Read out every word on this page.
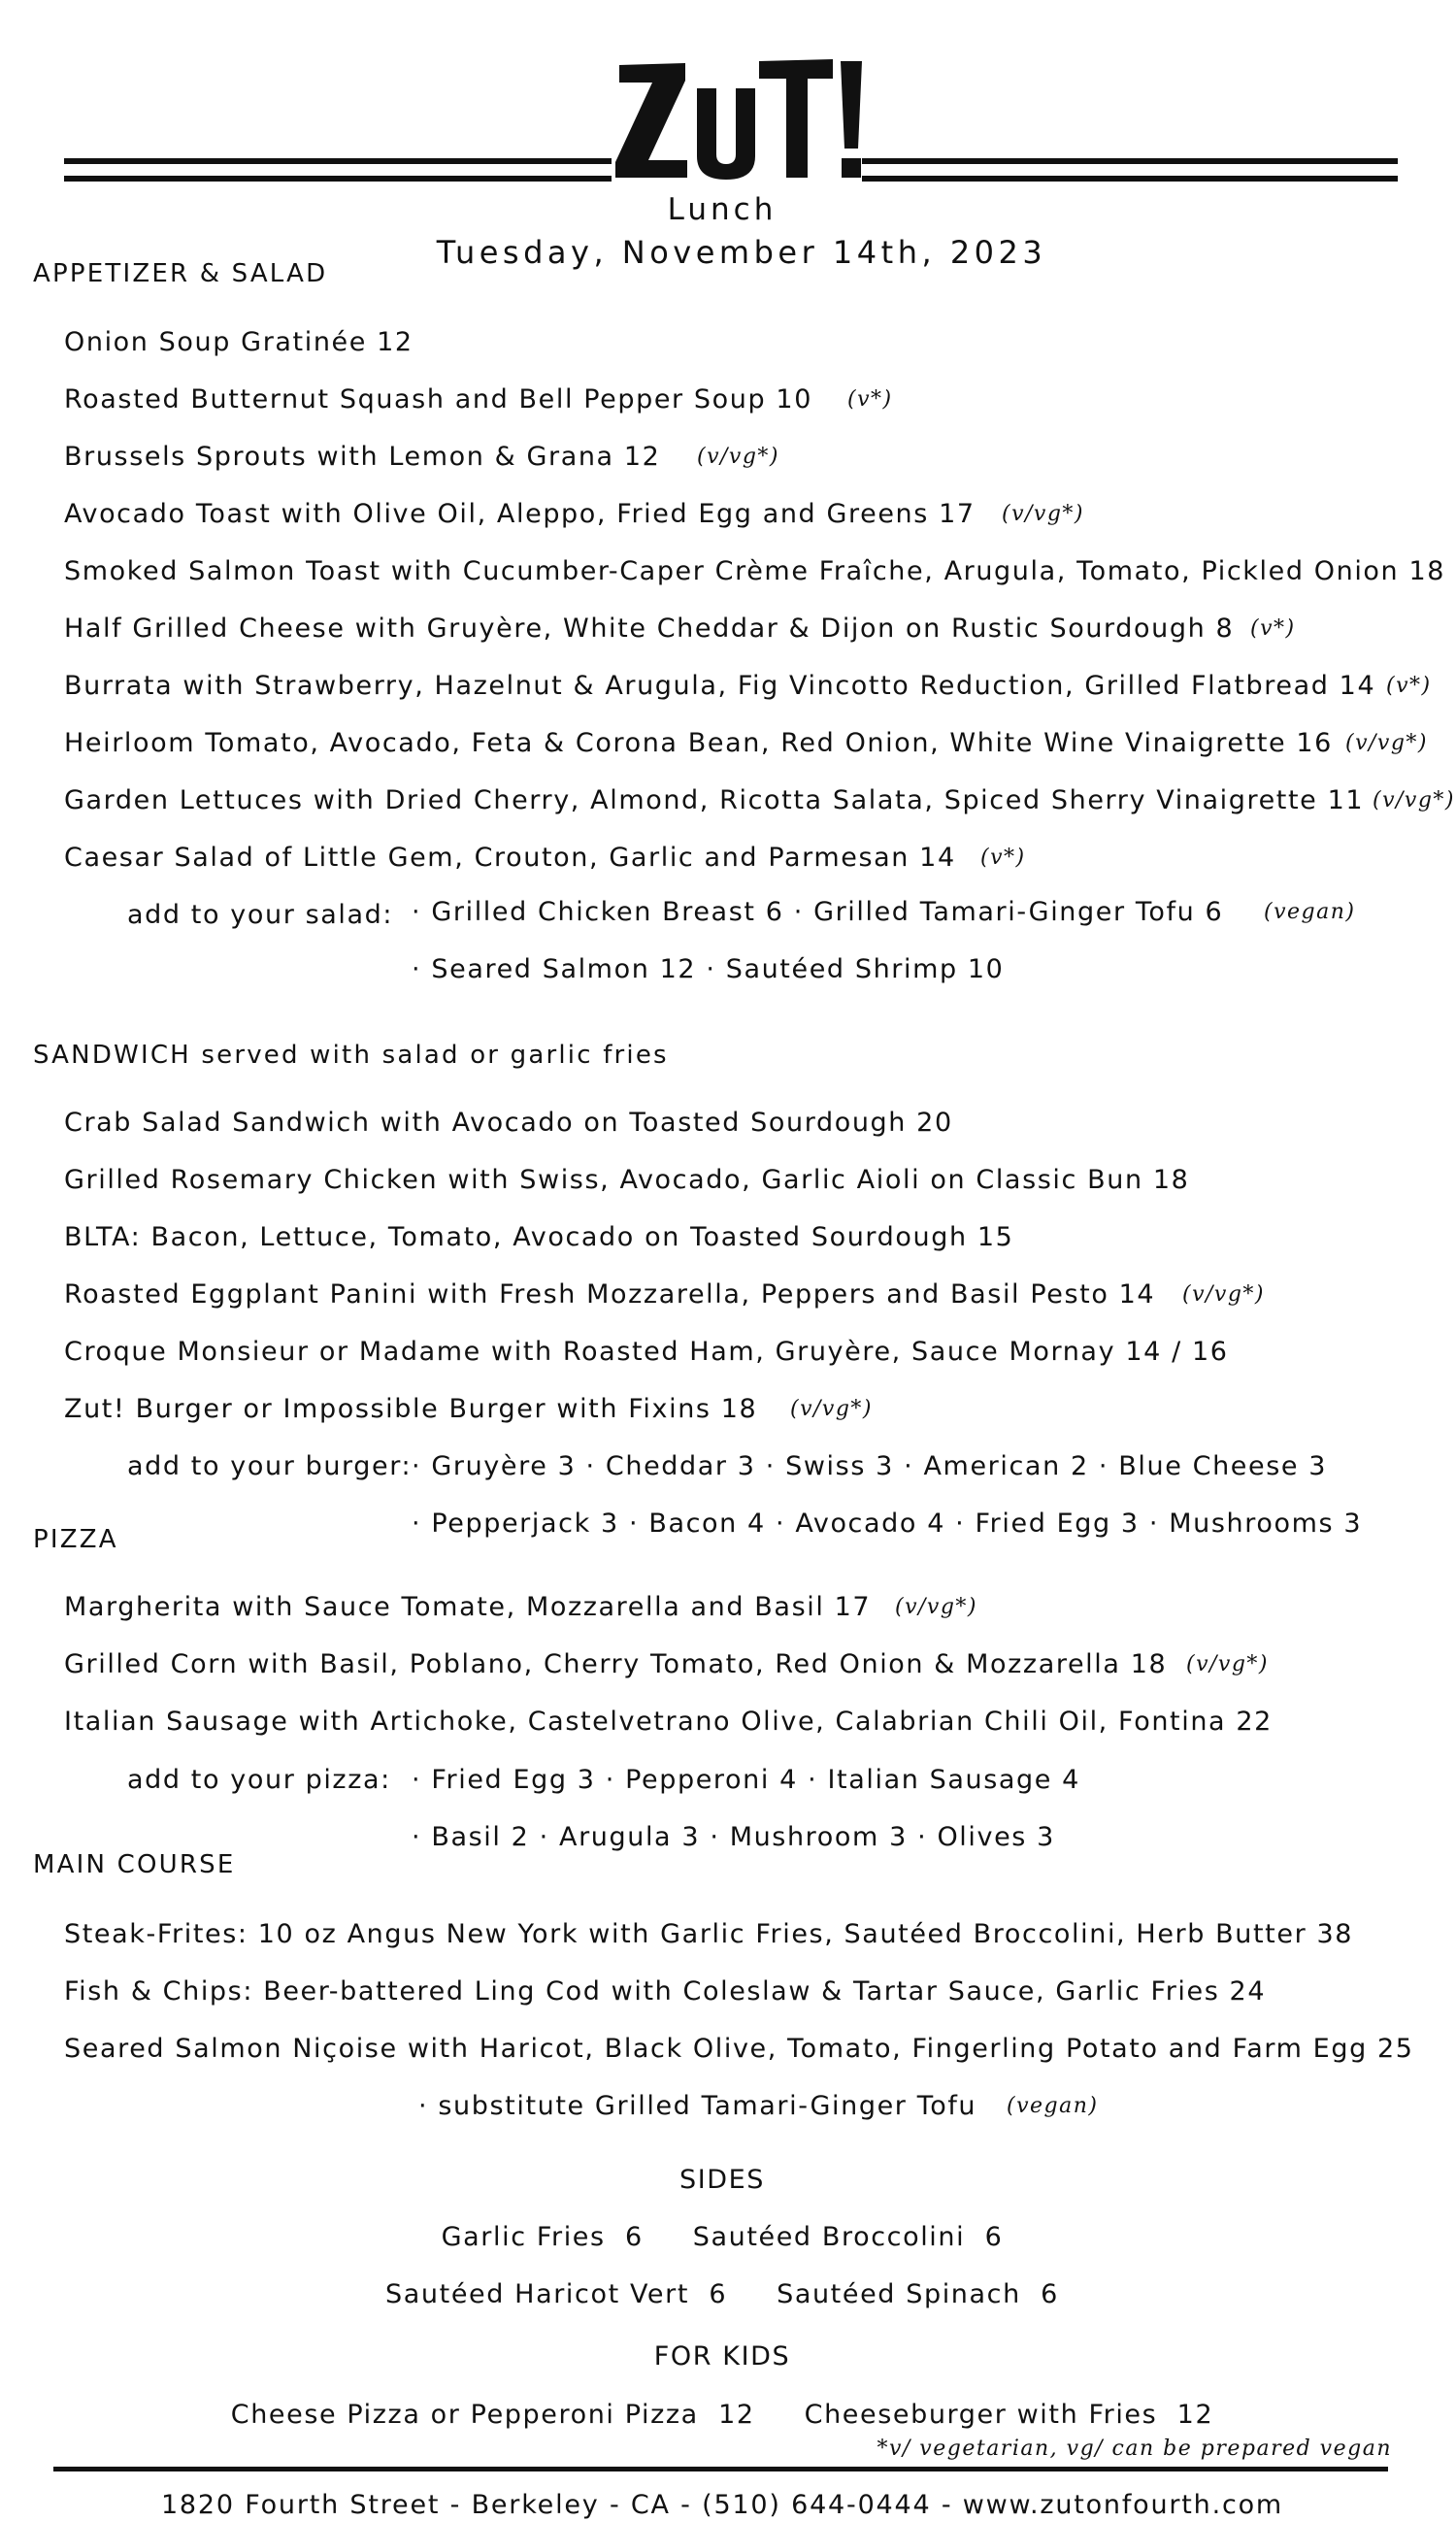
Lunch
Tuesday, November 14th, 2023
APPETIZER & SALAD
Onion Soup Gratinée 12
Roasted Butternut Squash and Bell Pepper Soup 10 (v*)
Brussels Sprouts with Lemon & Grana 12 (v/vg*)
Avocado Toast with Olive Oil, Aleppo, Fried Egg and Greens 17 (v/vg*)
Smoked Salmon Toast with Cucumber-Caper Crème Fraîche, Arugula, Tomato, Pickled Onion 18
Half Grilled Cheese with Gruyère, White Cheddar & Dijon on Rustic Sourdough 8 (v*)
Burrata with Strawberry, Hazelnut & Arugula, Fig Vincotto Reduction, Grilled Flatbread 14 (v*)
Heirloom Tomato, Avocado, Feta & Corona Bean, Red Onion, White Wine Vinaigrette 16 (v/vg*)
Garden Lettuces with Dried Cherry, Almond, Ricotta Salata, Spiced Sherry Vinaigrette 11 (v/vg*)
Caesar Salad of Little Gem, Crouton, Garlic and Parmesan 14 (v*)
add to your salad: · Grilled Chicken Breast 6 · Grilled Tamari-Ginger Tofu 6 (vegan)
· Seared Salmon 12 · Sautéed Shrimp 10
SANDWICH served with salad or garlic fries
Crab Salad Sandwich with Avocado on Toasted Sourdough 20
Grilled Rosemary Chicken with Swiss, Avocado, Garlic Aioli on Classic Bun 18
BLTA: Bacon, Lettuce, Tomato, Avocado on Toasted Sourdough 15
Roasted Eggplant Panini with Fresh Mozzarella, Peppers and Basil Pesto 14 (v/vg*)
Croque Monsieur or Madame with Roasted Ham, Gruyère, Sauce Mornay 14 / 16
Zut! Burger or Impossible Burger with Fixins 18 (v/vg*)
add to your burger: · Gruyère 3 · Cheddar 3 · Swiss 3 · American 2 · Blue Cheese 3
· Pepperjack 3 · Bacon 4 · Avocado 4 · Fried Egg 3 · Mushrooms 3
PIZZA
Margherita with Sauce Tomate, Mozzarella and Basil 17 (v/vg*)
Grilled Corn with Basil, Poblano, Cherry Tomato, Red Onion & Mozzarella 18 (v/vg*)
Italian Sausage with Artichoke, Castelvetrano Olive, Calabrian Chili Oil, Fontina 22
add to your pizza: · Fried Egg 3 · Pepperoni 4 · Italian Sausage 4
· Basil 2 · Arugula 3 · Mushroom 3 · Olives 3
MAIN COURSE
Steak-Frites: 10 oz Angus New York with Garlic Fries, Sautéed Broccolini, Herb Butter 38
Fish & Chips: Beer-battered Ling Cod with Coleslaw & Tartar Sauce, Garlic Fries 24
Seared Salmon Niçoise with Haricot, Black Olive, Tomato, Fingerling Potato and Farm Egg 25
· substitute Grilled Tamari-Ginger Tofu (vegan)
SIDES
Garlic Fries  6     Sautéed Broccolini  6
Sautéed Haricot Vert  6     Sautéed Spinach  6
FOR KIDS
Cheese Pizza or Pepperoni Pizza  12     Cheeseburger with Fries  12
*v/ vegetarian, vg/ can be prepared vegan
1820 Fourth Street - Berkeley - CA - (510) 644-0444 - www.zutonfourth.com
